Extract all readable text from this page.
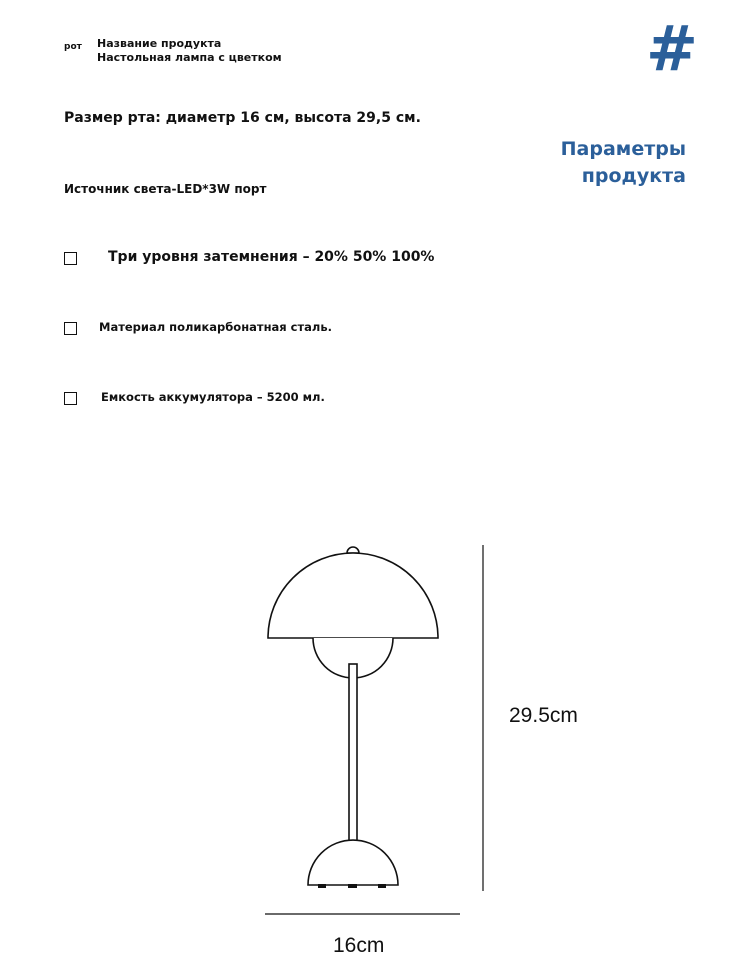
рот Название продукта
Настольная лампа с цветком	#
Параметры
продукта
Размер рта: диаметр 16 см, высота 29,5 см.
Источник света-LED*3W порт
Три уровня затемнения – 20% 50% 100%
Материал поликарбонатная сталь.
Емкость аккумулятора – 5200 мл.
29.5cm
16cm
